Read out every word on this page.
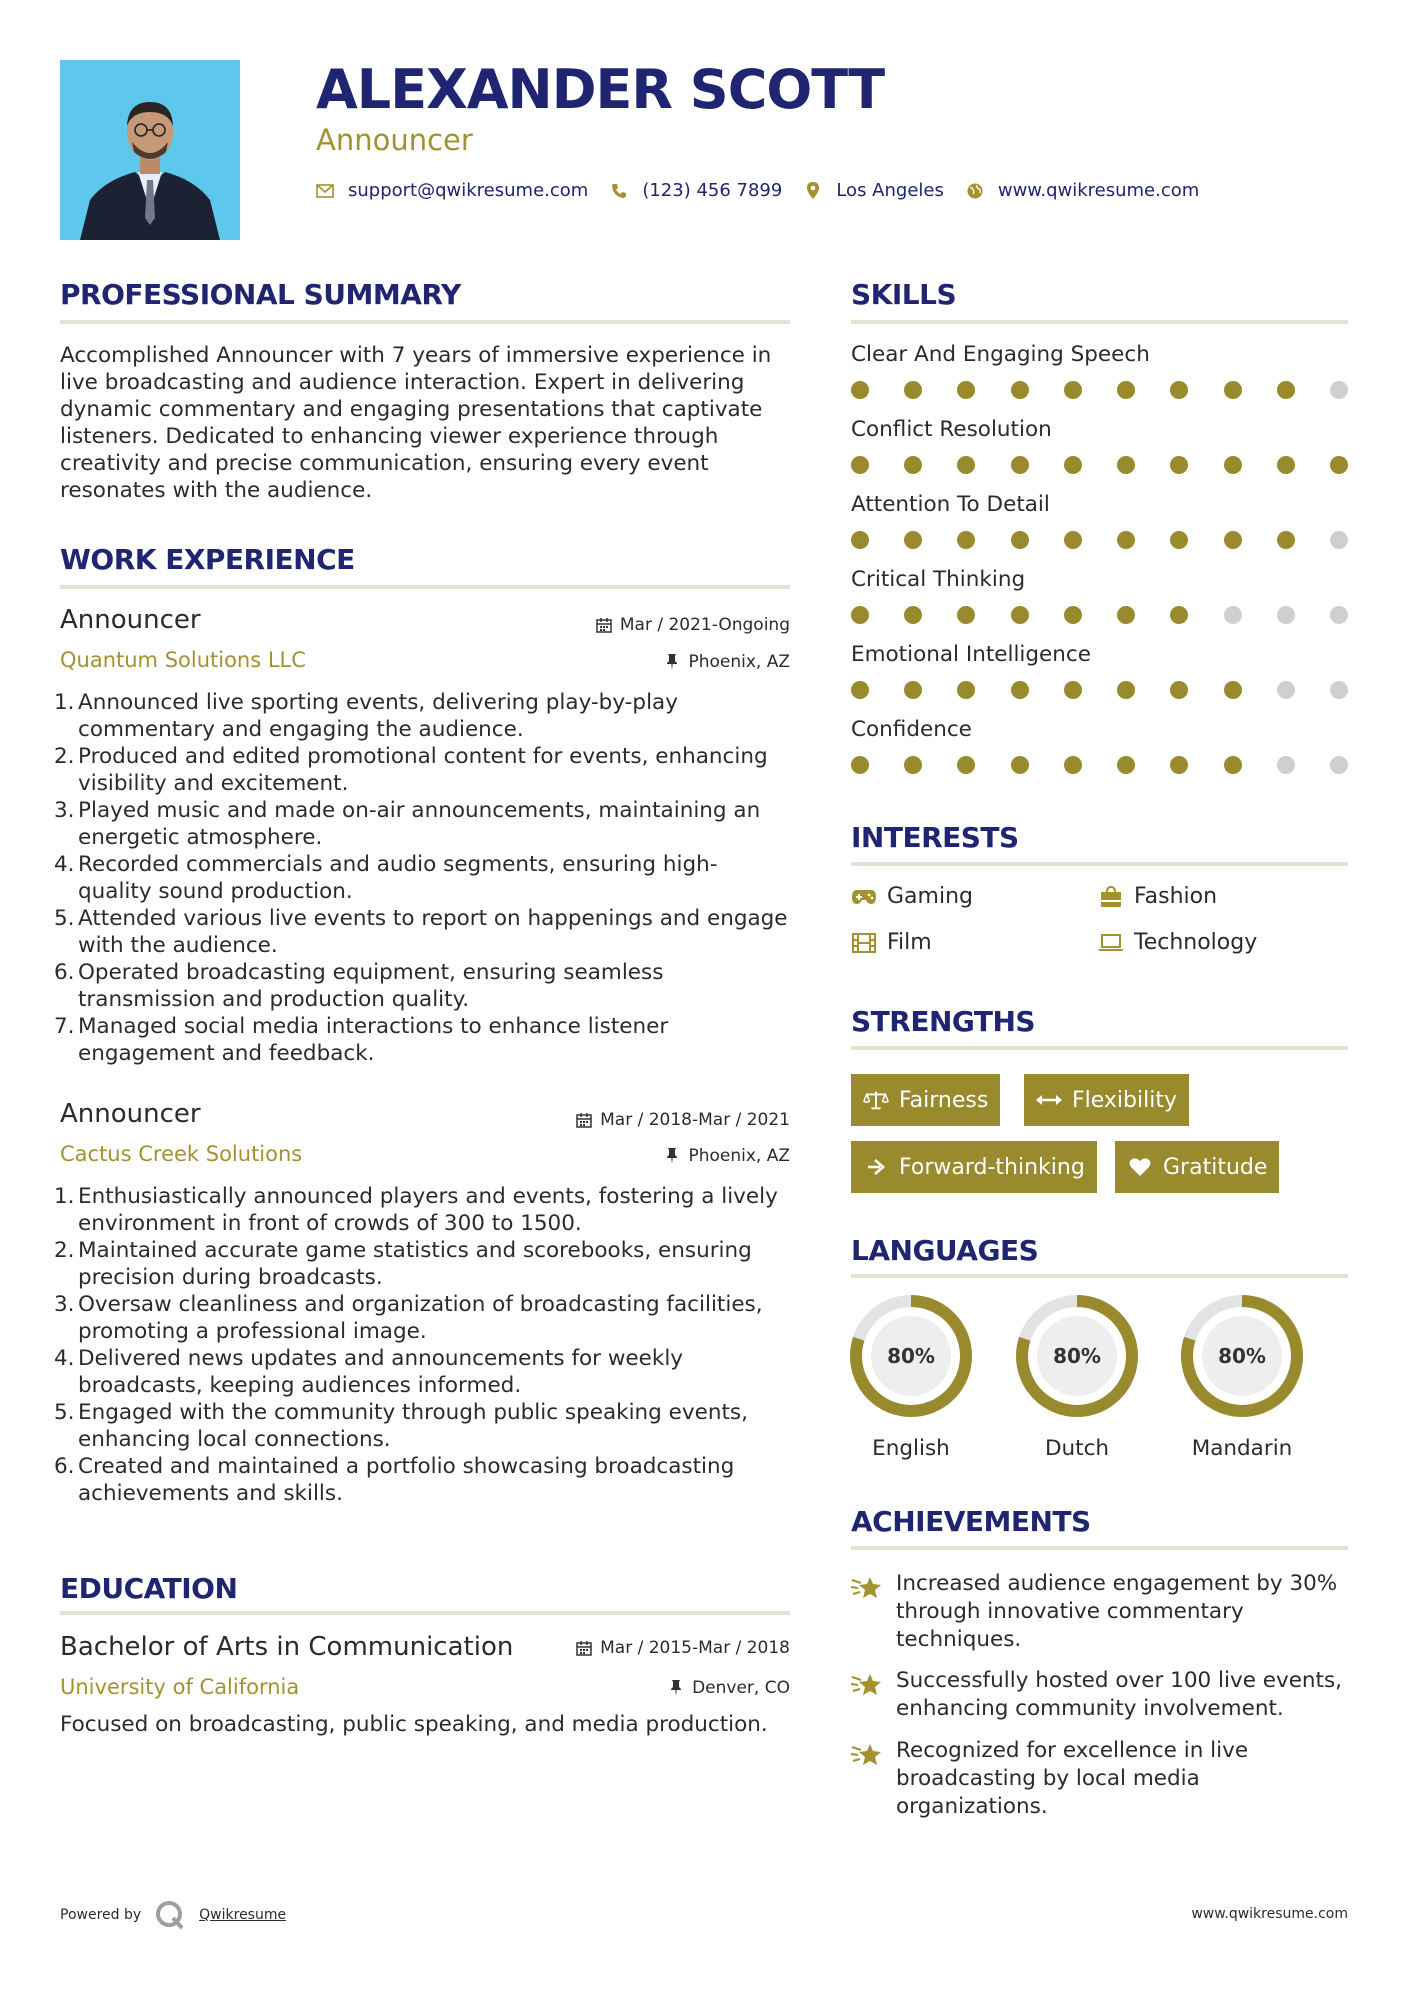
ALEXANDER SCOTT
Announcer
support@qwikresume.com	(123) 456 7899	Los Angeles	www.qwikresume.com
PROFESSIONAL SUMMARY
Accomplished Announcer with 7 years of immersive experience in live broadcasting and audience interaction. Expert in delivering dynamic commentary and engaging presentations that captivate listeners. Dedicated to enhancing viewer experience through creativity and precise communication, ensuring every event resonates with the audience.
WORK EXPERIENCE
Announcer	Mar / 2021-Ongoing
Quantum Solutions LLC	Phoenix, AZ
1. Announced live sporting events, delivering play-by-play commentary and engaging the audience.
2. Produced and edited promotional content for events, enhancing visibility and excitement.
3. Played music and made on-air announcements, maintaining an energetic atmosphere.
4. Recorded commercials and audio segments, ensuring high-quality sound production.
5. Attended various live events to report on happenings and engage with the audience.
6. Operated broadcasting equipment, ensuring seamless transmission and production quality.
7. Managed social media interactions to enhance listener engagement and feedback.
Announcer	Mar / 2018-Mar / 2021
Cactus Creek Solutions	Phoenix, AZ
1. Enthusiastically announced players and events, fostering a lively environment in front of crowds of 300 to 1500.
2. Maintained accurate game statistics and scorebooks, ensuring precision during broadcasts.
3. Oversaw cleanliness and organization of broadcasting facilities, promoting a professional image.
4. Delivered news updates and announcements for weekly broadcasts, keeping audiences informed.
5. Engaged with the community through public speaking events, enhancing local connections.
6. Created and maintained a portfolio showcasing broadcasting achievements and skills.
EDUCATION
Bachelor of Arts in Communication	Mar / 2015-Mar / 2018
University of California	Denver, CO
Focused on broadcasting, public speaking, and media production.
SKILLS
Clear And Engaging Speech
Conflict Resolution
Attention To Detail
Critical Thinking
Emotional Intelligence
Confidence
INTERESTS
Gaming	Fashion
Film	Technology
STRENGTHS
Fairness	Flexibility
Forward-thinking	Gratitude
LANGUAGES
80%
English
80%
Dutch
80%
Mandarin
ACHIEVEMENTS
Increased audience engagement by 30% through innovative commentary techniques.
Successfully hosted over 100 live events, enhancing community involvement.
Recognized for excellence in live broadcasting by local media organizations.
Powered by	Qwikresume	www.qwikresume.com
